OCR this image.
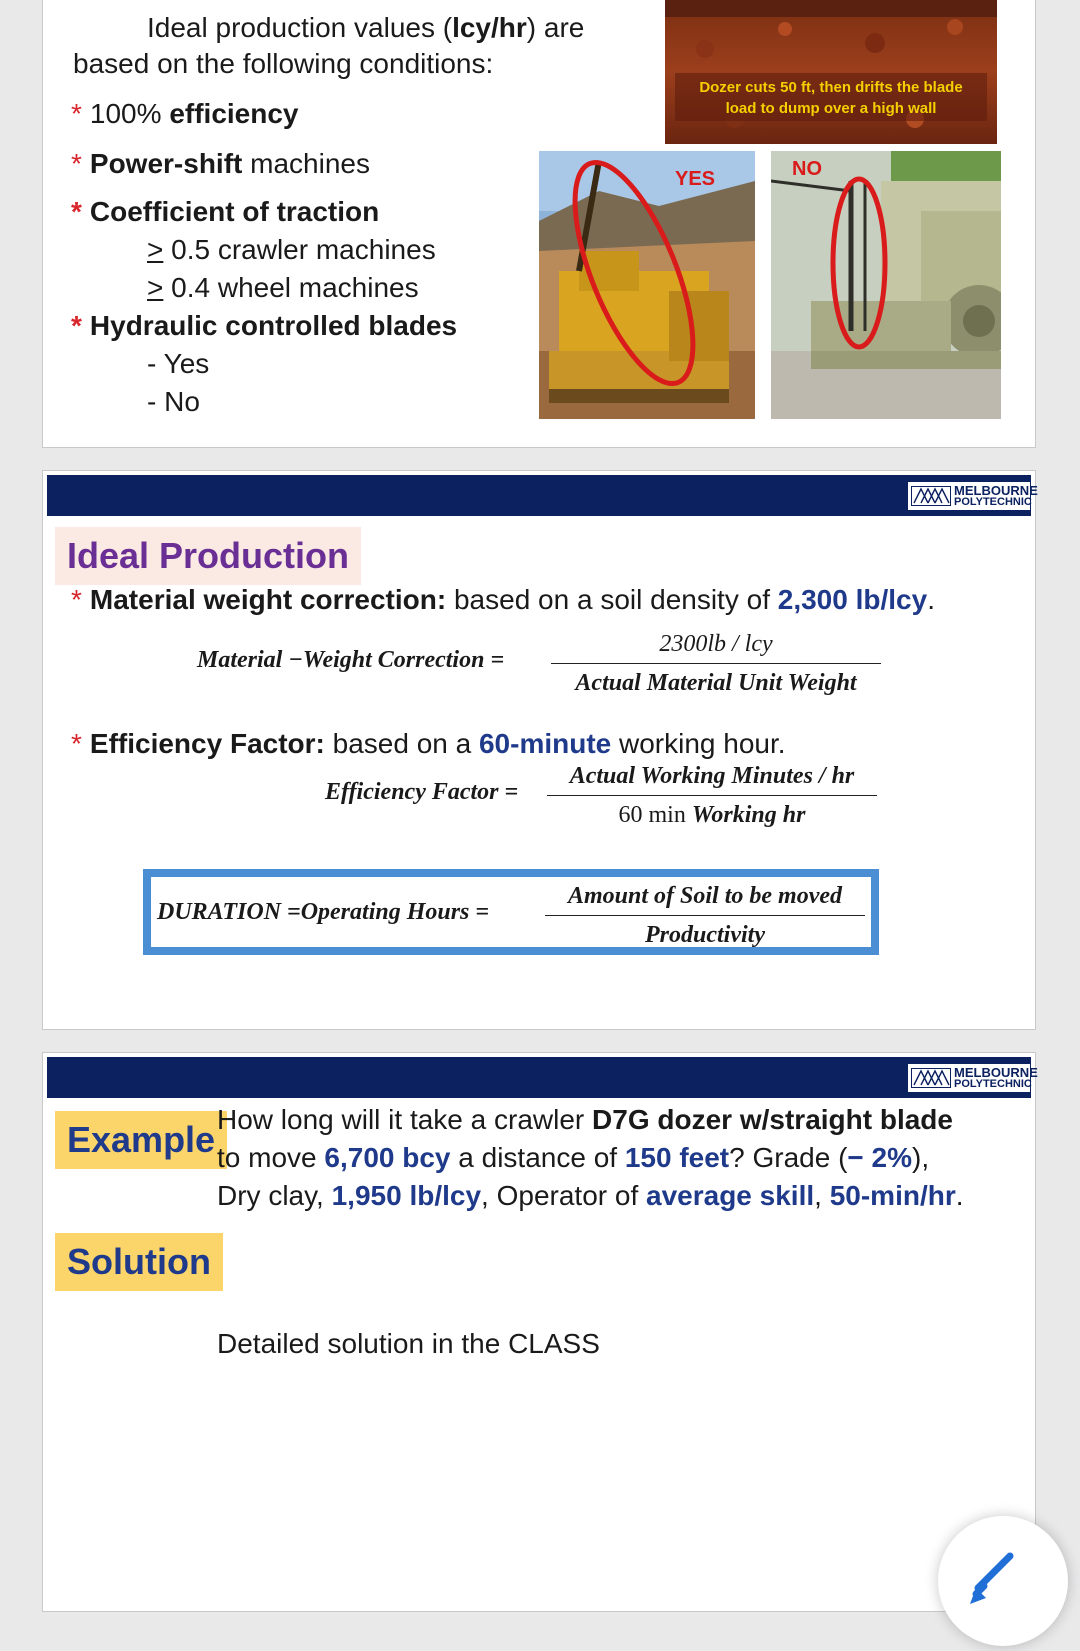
Ideal production values (lcy/hr) are
based on the following conditions:
* 100% efficiency
* Power-shift machines
* Coefficient of traction
> 0.5 crawler machines
> 0.4 wheel machines
* Hydraulic controlled blades
- Yes
- No
Dozer cuts 50 ft, then drifts the blade
load to dump over a high wall
YES	NO
MELBOURNE
POLYTECHNIC
Ideal Production
* Material weight correction: based on a soil density of 2,300 lb/lcy.
Material −Weight Correction =
2300lb / lcy
Actual Material Unit Weight
* Efficiency Factor: based on a 60-minute working hour.
Efficiency Factor =
Actual Working Minutes / hr
60 min Working hr
DURATION =Operating Hours =
Amount of Soil to be moved
Productivity
MELBOURNE
POLYTECHNIC
Example How long will it take a crawler D7G dozer w/straight blade
to move 6,700 bcy a distance of 150 feet? Grade (− 2%),
Dry clay, 1,950 lb/lcy, Operator of average skill, 50-min/hr.
Solution
Detailed solution in the CLASS
